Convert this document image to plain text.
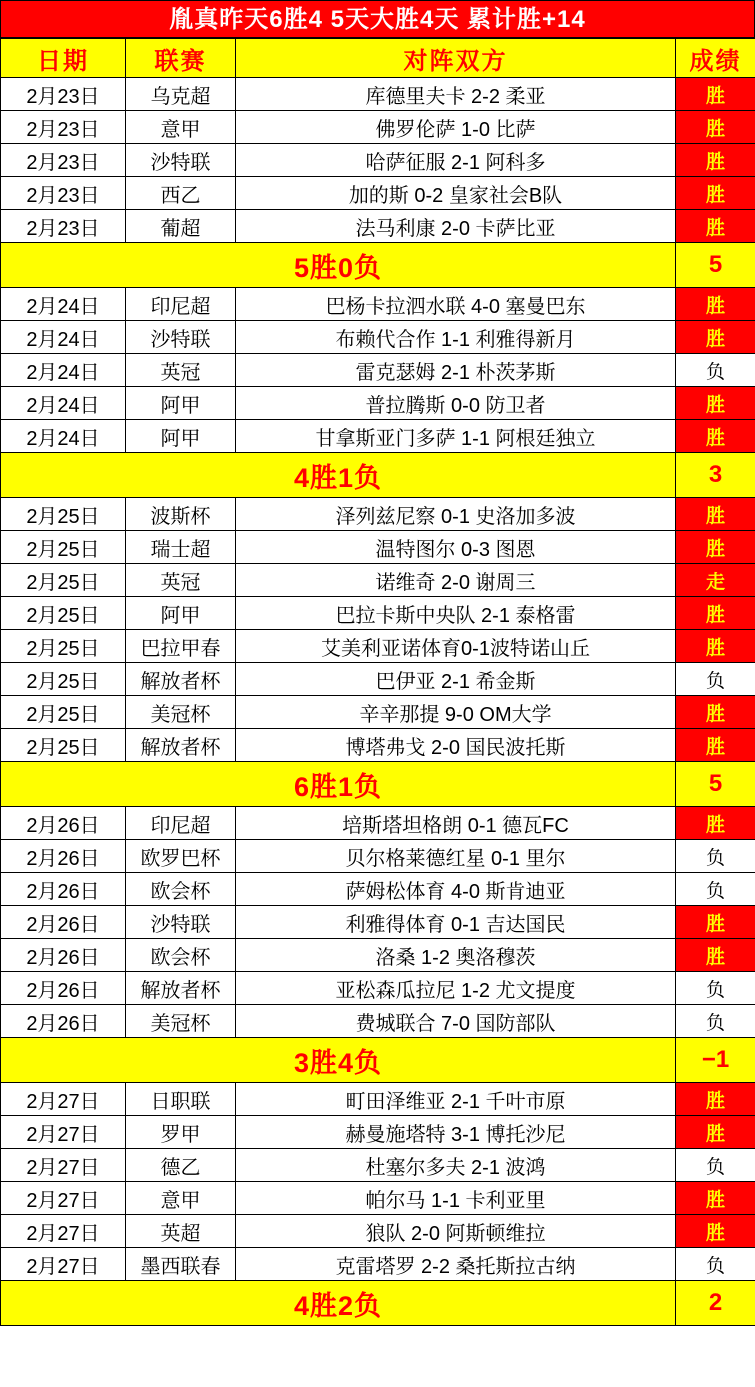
胤真昨天6胜4 5天大胜4天 累计胜+14
日期	联赛	对阵双方	成绩
2月23日	乌克超	库德里夫卡 2-2 柔亚	胜
2月23日	意甲	佛罗伦萨 1-0 比萨	胜
2月23日	沙特联	哈萨征服 2-1 阿科多	胜
2月23日	西乙	加的斯 0-2 皇家社会B队	胜
2月23日	葡超	法马利康 2-0 卡萨比亚	胜
5胜0负			5
2月24日	印尼超	巴杨卡拉泗水联 4-0 塞曼巴东	胜
2月24日	沙特联	布赖代合作 1-1 利雅得新月	胜
2月24日	英冠	雷克瑟姆 2-1 朴茨茅斯	负
2月24日	阿甲	普拉腾斯 0-0 防卫者	胜
2月24日	阿甲	甘拿斯亚门多萨 1-1 阿根廷独立	胜
4胜1负			3
2月25日	波斯杯	泽列兹尼察 0-1 史洛加多波	胜
2月25日	瑞士超	温特图尔 0-3 图恩	胜
2月25日	英冠	诺维奇 2-0 谢周三	走
2月25日	阿甲	巴拉卡斯中央队 2-1 泰格雷	胜
2月25日	巴拉甲春	艾美利亚诺体育0-1波特诺山丘	胜
2月25日	解放者杯	巴伊亚 2-1 希金斯	负
2月25日	美冠杯	辛辛那提 9-0 OM大学	胜
2月25日	解放者杯	博塔弗戈 2-0 国民波托斯	胜
6胜1负			5
2月26日	印尼超	培斯塔坦格朗 0-1 德瓦FC	胜
2月26日	欧罗巴杯	贝尔格莱德红星 0-1 里尔	负
2月26日	欧会杯	萨姆松体育 4-0 斯肯迪亚	负
2月26日	沙特联	利雅得体育 0-1 吉达国民	胜
2月26日	欧会杯	洛桑 1-2 奥洛穆茨	胜
2月26日	解放者杯	亚松森瓜拉尼 1-2 尤文提度	负
2月26日	美冠杯	费城联合 7-0 国防部队	负
3胜4负			−1
2月27日	日职联	町田泽维亚 2-1 千叶市原	胜
2月27日	罗甲	赫曼施塔特 3-1 博托沙尼	胜
2月27日	德乙	杜塞尔多夫 2-1 波鸿	负
2月27日	意甲	帕尔马 1-1 卡利亚里	胜
2月27日	英超	狼队 2-0 阿斯顿维拉	胜
2月27日	墨西联春	克雷塔罗 2-2 桑托斯拉古纳	负
4胜2负			2
